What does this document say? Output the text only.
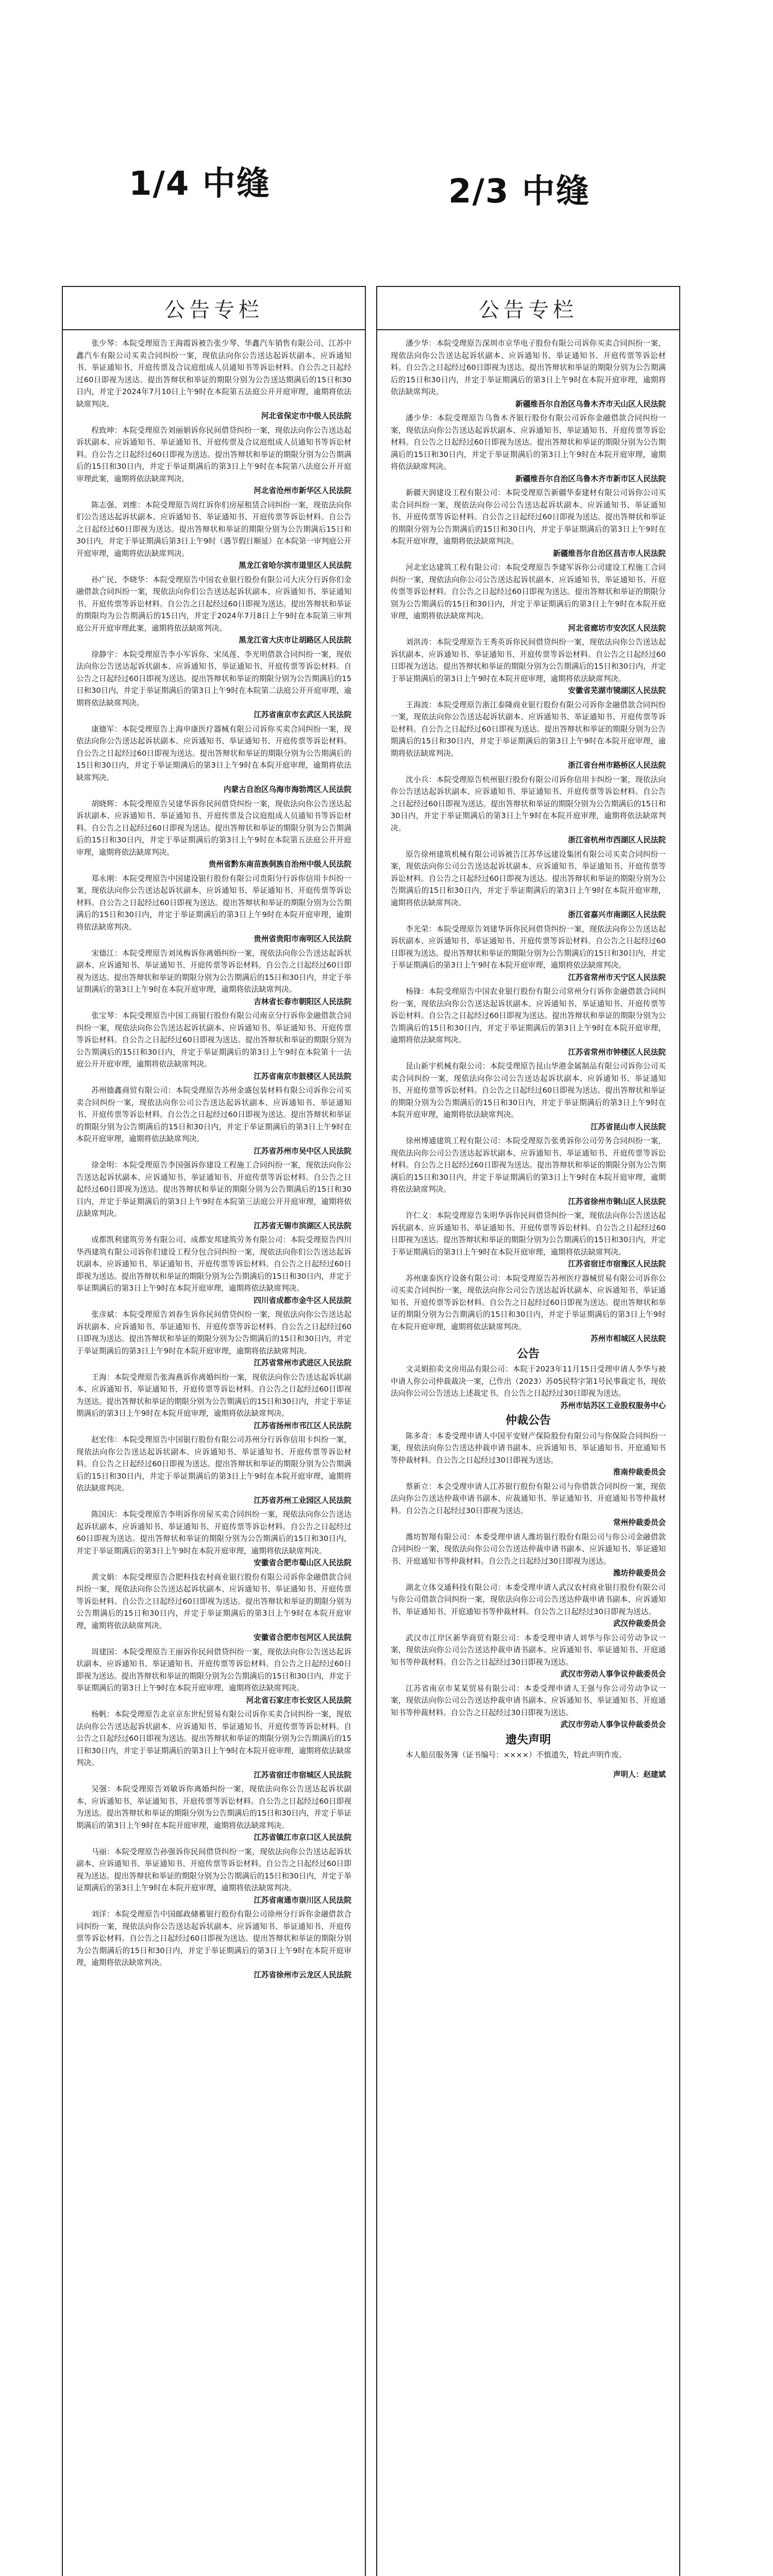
1/4 中缝	2/3 中缝
公告专栏

张少琴：本院受理原告王海霞诉被告张少琴、华鑫汽车销售有限公司、江苏中鑫汽车有限公司买卖合同纠纷一案，现依法向你公告送达起诉状副本、应诉通知书、举证通知书、开庭传票及合议庭组成人员通知书等诉讼材料。自公告之日起经过60日即视为送达。提出答辩状和举证的期限分别为公告送达期满后的15日和30日内，并定于2024年7月10日上午9时在本院第五法庭公开开庭审理，逾期将依法缺席判决。

河北省保定市中级人民法院

程致坤：本院受理原告刘丽娟诉你民间借贷纠纷一案，现依法向你公告送达起诉状副本、应诉通知书、举证通知书、开庭传票及合议庭组成人员通知书等诉讼材料。自公告之日起经过60日即视为送达。提出答辩状和举证的期限分别为公告期满后的15日和30日内，并定于举证期满后的第3日上午9时在本院第八法庭公开开庭审理此案，逾期将依法缺席判决。

河北省沧州市新华区人民法院

陈志强、刘维：本院受理原告周红诉你们房屋租赁合同纠纷一案，现依法向你们公告送达起诉状副本、应诉通知书、举证通知书、开庭传票等诉讼材料。自公告之日起经过60日即视为送达。提出答辩状和举证的期限分别为公告期满后15日和30日内，并定于举证期满后第3日上午9时（遇节假日顺延）在本院第一审判庭公开开庭审理，逾期将依法缺席判决。

黑龙江省哈尔滨市道里区人民法院

孙广民、李晓华：本院受理原告中国农业银行股份有限公司大庆分行诉你们金融借款合同纠纷一案，现依法向你们公告送达起诉状副本、应诉通知书、举证通知书、开庭传票等诉讼材料。自公告之日起经过60日即视为送达。提出答辩状和举证的期限均为公告期满后的15日内，并定于2024年7月8日上午9时在本院第三审判庭公开开庭审理此案，逾期将依法缺席判决。

黑龙江省大庆市让胡路区人民法院

徐静宇：本院受理原告李小军诉你、宋凤莲、李光明借款合同纠纷一案，现依法向你公告送达起诉状副本、应诉通知书、举证通知书、开庭传票等诉讼材料。自公告之日起经过60日即视为送达。提出答辩状和举证的期限分别为公告期满后的15日和30日内，并定于举证期满后的第3日上午9时在本院第二法庭公开开庭审理，逾期将依法缺席判决。

江苏省南京市玄武区人民法院

康德军：本院受理原告上海申康医疗器械有限公司诉你买卖合同纠纷一案，现依法向你公告送达起诉状副本、应诉通知书、举证通知书、开庭传票等诉讼材料。自公告之日起经过60日即视为送达。提出答辩状和举证的期限分别为公告期满后的15日和30日内，并定于举证期满后的第3日上午9时在本院开庭审理，逾期将依法缺席判决。

内蒙古自治区乌海市海勃湾区人民法院

胡晓辉：本院受理原告吴建华诉你民间借贷纠纷一案，现依法向你公告送达起诉状副本、应诉通知书、举证通知书、开庭传票及合议庭组成人员通知书等诉讼材料。自公告之日起经过60日即视为送达。提出答辩状和举证的期限分别为公告期满后的15日和30日内，并定于举证期满后的第3日上午9时在本院第五法庭公开开庭审理，逾期将依法缺席判决。

贵州省黔东南苗族侗族自治州中级人民法院

郑永刚：本院受理原告中国建设银行股份有限公司贵阳分行诉你信用卡纠纷一案，现依法向你公告送达起诉状副本、应诉通知书、举证通知书、开庭传票等诉讼材料。自公告之日起经过60日即视为送达。提出答辩状和举证的期限分别为公告期满后的15日和30日内，并定于举证期满后的第3日上午9时在本院开庭审理，逾期将依法缺席判决。

贵州省贵阳市南明区人民法院

宋德江：本院受理原告刘凤梅诉你离婚纠纷一案，现依法向你公告送达起诉状副本、应诉通知书、举证通知书、开庭传票等诉讼材料。自公告之日起经过60日即视为送达。提出答辩状和举证的期限分别为公告期满后的15日和30日内，并定于举证期满后的第3日上午9时在本院开庭审理，逾期将依法缺席判决。

吉林省长春市朝阳区人民法院

张宝琴：本院受理原告中国工商银行股份有限公司南京分行诉你金融借款合同纠纷一案，现依法向你公告送达起诉状副本、应诉通知书、举证通知书、开庭传票等诉讼材料。自公告之日起经过60日即视为送达。提出答辩状和举证的期限分别为公告期满后的15日和30日内，并定于举证期满后的第3日上午9时在本院第十一法庭公开开庭审理，逾期将依法缺席判决。

江苏省南京市鼓楼区人民法院

苏州德鑫商贸有限公司：本院受理原告苏州金盛包装材料有限公司诉你公司买卖合同纠纷一案，现依法向你公司公告送达起诉状副本、应诉通知书、举证通知书、开庭传票等诉讼材料。自公告之日起经过60日即视为送达。提出答辩状和举证的期限分别为公告期满后的15日和30日内，并定于举证期满后的第3日上午9时在本院开庭审理，逾期将依法缺席判决。

江苏省苏州市吴中区人民法院

徐金明：本院受理原告李国强诉你建设工程施工合同纠纷一案，现依法向你公告送达起诉状副本、应诉通知书、举证通知书、开庭传票等诉讼材料。自公告之日起经过60日即视为送达。提出答辩状和举证的期限分别为公告期满后的15日和30日内，并定于举证期满后的第3日上午9时在本院第三法庭公开开庭审理，逾期将依法缺席判决。

江苏省无锡市滨湖区人民法院

成都凯利建筑劳务有限公司、成都安邦建筑劳务有限公司：本院受理原告四川华西建筑有限公司诉你们建设工程分包合同纠纷一案，现依法向你们公告送达起诉状副本、应诉通知书、举证通知书、开庭传票等诉讼材料。自公告之日起经过60日即视为送达。提出答辩状和举证的期限分别为公告期满后的15日和30日内，并定于举证期满后的第3日上午9时在本院开庭审理，逾期将依法缺席判决。

四川省成都市金牛区人民法院

张彦斌：本院受理原告刘春生诉你民间借贷纠纷一案，现依法向你公告送达起诉状副本、应诉通知书、举证通知书、开庭传票等诉讼材料。自公告之日起经过60日即视为送达。提出答辩状和举证的期限分别为公告期满后的15日和30日内，并定于举证期满后的第3日上午9时在本院开庭审理，逾期将依法缺席判决。

江苏省常州市武进区人民法院

王海：本院受理原告张海燕诉你离婚纠纷一案，现依法向你公告送达起诉状副本、应诉通知书、举证通知书、开庭传票等诉讼材料。自公告之日起经过60日即视为送达。提出答辩状和举证的期限分别为公告期满后的15日和30日内，并定于举证期满后的第3日上午9时在本院开庭审理，逾期将依法缺席判决。

江苏省扬州市邗江区人民法院

赵宏伟：本院受理原告中国银行股份有限公司苏州分行诉你信用卡纠纷一案，现依法向你公告送达起诉状副本、应诉通知书、举证通知书、开庭传票等诉讼材料。自公告之日起经过60日即视为送达。提出答辩状和举证的期限分别为公告期满后的15日和30日内，并定于举证期满后的第3日上午9时在本院开庭审理，逾期将依法缺席判决。

江苏省苏州工业园区人民法院

陈国庆：本院受理原告李明诉你房屋买卖合同纠纷一案，现依法向你公告送达起诉状副本、应诉通知书、举证通知书、开庭传票等诉讼材料。自公告之日起经过60日即视为送达。提出答辩状和举证的期限分别为公告期满后的15日和30日内，并定于举证期满后的第3日上午9时在本院开庭审理，逾期将依法缺席判决。

安徽省合肥市蜀山区人民法院

黄文娟：本院受理原告合肥科技农村商业银行股份有限公司诉你金融借款合同纠纷一案，现依法向你公告送达起诉状副本、应诉通知书、举证通知书、开庭传票等诉讼材料。自公告之日起经过60日即视为送达。提出答辩状和举证的期限分别为公告期满后的15日和30日内，并定于举证期满后的第3日上午9时在本院开庭审理，逾期将依法缺席判决。

安徽省合肥市包河区人民法院

周建国：本院受理原告王丽诉你民间借贷纠纷一案，现依法向你公告送达起诉状副本、应诉通知书、举证通知书、开庭传票等诉讼材料。自公告之日起经过60日即视为送达。提出答辩状和举证的期限分别为公告期满后的15日和30日内，并定于举证期满后的第3日上午9时在本院开庭审理，逾期将依法缺席判决。

河北省石家庄市长安区人民法院

杨帆：本院受理原告北京京东世纪贸易有限公司诉你买卖合同纠纷一案，现依法向你公告送达起诉状副本、应诉通知书、举证通知书、开庭传票等诉讼材料。自公告之日起经过60日即视为送达。提出答辩状和举证的期限分别为公告期满后的15日和30日内，并定于举证期满后的第3日上午9时在本院开庭审理，逾期将依法缺席判决。

江苏省宿迁市宿城区人民法院

吴强：本院受理原告刘敏诉你离婚纠纷一案，现依法向你公告送达起诉状副本、应诉通知书、举证通知书、开庭传票等诉讼材料。自公告之日起经过60日即视为送达。提出答辩状和举证的期限分别为公告期满后的15日和30日内，并定于举证期满后的第3日上午9时在本院开庭审理，逾期将依法缺席判决。

江苏省镇江市京口区人民法院

马丽：本院受理原告孙强诉你民间借贷纠纷一案，现依法向你公告送达起诉状副本、应诉通知书、举证通知书、开庭传票等诉讼材料。自公告之日起经过60日即视为送达。提出答辩状和举证的期限分别为公告期满后的15日和30日内，并定于举证期满后的第3日上午9时在本院开庭审理，逾期将依法缺席判决。

江苏省南通市崇川区人民法院

刘洋：本院受理原告中国邮政储蓄银行股份有限公司徐州分行诉你金融借款合同纠纷一案，现依法向你公告送达起诉状副本、应诉通知书、举证通知书、开庭传票等诉讼材料。自公告之日起经过60日即视为送达。提出答辩状和举证的期限分别为公告期满后的15日和30日内，并定于举证期满后的第3日上午9时在本院开庭审理，逾期将依法缺席判决。

江苏省徐州市云龙区人民法院

公告专栏

潘少华：本院受理原告深圳市京华电子股份有限公司诉你买卖合同纠纷一案，现依法向你公告送达起诉状副本、应诉通知书、举证通知书、开庭传票等诉讼材料。自公告之日起经过60日即视为送达。提出答辩状和举证的期限分别为公告期满后的15日和30日内，并定于举证期满后的第3日上午9时在本院开庭审理，逾期将依法缺席判决。

新疆维吾尔自治区乌鲁木齐市天山区人民法院

潘少华：本院受理原告乌鲁木齐银行股份有限公司诉你金融借款合同纠纷一案，现依法向你公告送达起诉状副本、应诉通知书、举证通知书、开庭传票等诉讼材料。自公告之日起经过60日即视为送达。提出答辩状和举证的期限分别为公告期满后的15日和30日内，并定于举证期满后的第3日上午9时在本院开庭审理，逾期将依法缺席判决。

新疆维吾尔自治区乌鲁木齐市新市区人民法院

新疆天润建设工程有限公司：本院受理原告新疆华泰建材有限公司诉你公司买卖合同纠纷一案，现依法向你公司公告送达起诉状副本、应诉通知书、举证通知书、开庭传票等诉讼材料。自公告之日起经过60日即视为送达。提出答辩状和举证的期限分别为公告期满后的15日和30日内，并定于举证期满后的第3日上午9时在本院开庭审理，逾期将依法缺席判决。

新疆维吾尔自治区昌吉市人民法院

河北宏达建筑工程有限公司：本院受理原告李建军诉你公司建设工程施工合同纠纷一案，现依法向你公司公告送达起诉状副本、应诉通知书、举证通知书、开庭传票等诉讼材料。自公告之日起经过60日即视为送达。提出答辩状和举证的期限分别为公告期满后的15日和30日内，并定于举证期满后的第3日上午9时在本院开庭审理，逾期将依法缺席判决。

河北省廊坊市安次区人民法院

刘洪涛：本院受理原告王秀英诉你民间借贷纠纷一案，现依法向你公告送达起诉状副本、应诉通知书、举证通知书、开庭传票等诉讼材料。自公告之日起经过60日即视为送达。提出答辩状和举证的期限分别为公告期满后的15日和30日内，并定于举证期满后的第3日上午9时在本院开庭审理，逾期将依法缺席判决。

安徽省芜湖市镜湖区人民法院

王海波：本院受理原告浙江泰隆商业银行股份有限公司诉你金融借款合同纠纷一案，现依法向你公告送达起诉状副本、应诉通知书、举证通知书、开庭传票等诉讼材料。自公告之日起经过60日即视为送达。提出答辩状和举证的期限分别为公告期满后的15日和30日内，并定于举证期满后的第3日上午9时在本院开庭审理，逾期将依法缺席判决。

浙江省台州市路桥区人民法院

沈小兵：本院受理原告杭州银行股份有限公司诉你信用卡纠纷一案，现依法向你公告送达起诉状副本、应诉通知书、举证通知书、开庭传票等诉讼材料。自公告之日起经过60日即视为送达。提出答辩状和举证的期限分别为公告期满后的15日和30日内，并定于举证期满后的第3日上午9时在本院开庭审理，逾期将依法缺席判决。

浙江省杭州市西湖区人民法院

原告徐州建筑机械有限公司诉被告江苏华远建设集团有限公司买卖合同纠纷一案，现依法向你公司公告送达起诉状副本、应诉通知书、举证通知书、开庭传票等诉讼材料。自公告之日起经过60日即视为送达。提出答辩状和举证的期限分别为公告期满后的15日和30日内，并定于举证期满后的第3日上午9时在本院开庭审理，逾期将依法缺席判决。

浙江省嘉兴市南湖区人民法院

李光荣：本院受理原告刘建华诉你民间借贷纠纷一案，现依法向你公告送达起诉状副本、应诉通知书、举证通知书、开庭传票等诉讼材料。自公告之日起经过60日即视为送达。提出答辩状和举证的期限分别为公告期满后的15日和30日内，并定于举证期满后的第3日上午9时在本院开庭审理，逾期将依法缺席判决。

江苏省常州市天宁区人民法院

杨锋：本院受理原告中国农业银行股份有限公司常州分行诉你金融借款合同纠纷一案，现依法向你公告送达起诉状副本、应诉通知书、举证通知书、开庭传票等诉讼材料。自公告之日起经过60日即视为送达。提出答辩状和举证的期限分别为公告期满后的15日和30日内，并定于举证期满后的第3日上午9时在本院开庭审理，逾期将依法缺席判决。

江苏省常州市钟楼区人民法院

昆山新宇机械有限公司：本院受理原告昆山华港金属制品有限公司诉你公司买卖合同纠纷一案，现依法向你公司公告送达起诉状副本、应诉通知书、举证通知书、开庭传票等诉讼材料。自公告之日起经过60日即视为送达。提出答辩状和举证的期限分别为公告期满后的15日和30日内，并定于举证期满后的第3日上午9时在本院开庭审理，逾期将依法缺席判决。

江苏省昆山市人民法院

徐州博通建筑工程有限公司：本院受理原告张勇诉你公司劳务合同纠纷一案，现依法向你公司公告送达起诉状副本、应诉通知书、举证通知书、开庭传票等诉讼材料。自公告之日起经过60日即视为送达。提出答辩状和举证的期限分别为公告期满后的15日和30日内，并定于举证期满后的第3日上午9时在本院开庭审理，逾期将依法缺席判决。

江苏省徐州市铜山区人民法院

许仁义：本院受理原告朱明华诉你民间借贷纠纷一案，现依法向你公告送达起诉状副本、应诉通知书、举证通知书、开庭传票等诉讼材料。自公告之日起经过60日即视为送达。提出答辩状和举证的期限分别为公告期满后的15日和30日内，并定于举证期满后的第3日上午9时在本院开庭审理，逾期将依法缺席判决。

江苏省宿迁市宿豫区人民法院

苏州康泰医疗设备有限公司：本院受理原告苏州医疗器械贸易有限公司诉你公司买卖合同纠纷一案，现依法向你公司公告送达起诉状副本、应诉通知书、举证通知书、开庭传票等诉讼材料。自公告之日起经过60日即视为送达。提出答辩状和举证的期限分别为公告期满后的15日和30日内，并定于举证期满后的第3日上午9时在本院开庭审理，逾期将依法缺席判决。

苏州市相城区人民法院

公告

文灵娟拍卖文房用品有限公司：本院于2023年11月15日受理申请人李华与被申请人你公司仲裁裁决一案，已作出（2023）苏05民特字第1号民事裁定书，现依法向你公司公告送达上述裁定书。自公告之日起经过30日即视为送达。

苏州市姑苏区工业股权服务中心

仲裁公告

陈多奇：本委受理申请人中国平安财产保险股份有限公司与你保险合同纠纷一案，现依法向你公告送达仲裁申请书副本、应诉通知书、举证通知书、开庭通知书等仲裁材料。自公告之日起经过30日即视为送达。

淮南仲裁委员会

蔡新立：本会受理申请人江苏银行股份有限公司与你借款合同纠纷一案，现依法向你公告送达仲裁申请书副本、应裁通知书、举证通知书、开庭通知书等仲裁材料。自公告之日起经过30日即视为送达。

常州仲裁委员会

潍坊智翔有限公司：本委受理申请人潍坊银行股份有限公司与你公司金融借款合同纠纷一案，现依法向你公司公告送达仲裁申请书副本、应诉通知书、举证通知书、开庭通知书等仲裁材料。自公告之日起经过30日即视为送达。

潍坊仲裁委员会

湖北立体交通科技有限公司：本委受理申请人武汉农村商业银行股份有限公司与你公司借款合同纠纷一案，现依法向你公司公告送达仲裁申请书副本、应诉通知书、举证通知书、开庭通知书等仲裁材料。自公告之日起经过30日即视为送达。

武汉仲裁委员会

武汉市江岸区新华商贸有限公司：本委受理申请人刘华与你公司劳动争议一案，现依法向你公司公告送达仲裁申请书副本、应诉通知书、举证通知书、开庭通知书等仲裁材料。自公告之日起经过30日即视为送达。

武汉市劳动人事争议仲裁委员会

江苏省南京市某某贸易有限公司：本委受理申请人王强与你公司劳动争议一案，现依法向你公司公告送达仲裁申请书副本、应诉通知书、举证通知书、开庭通知书等仲裁材料。自公告之日起经过30日即视为送达。

武汉市劳动人事争议仲裁委员会

遗失声明

本人船员服务簿（证书编号：××××）不慎遗失，特此声明作废。

声明人：赵建斌
